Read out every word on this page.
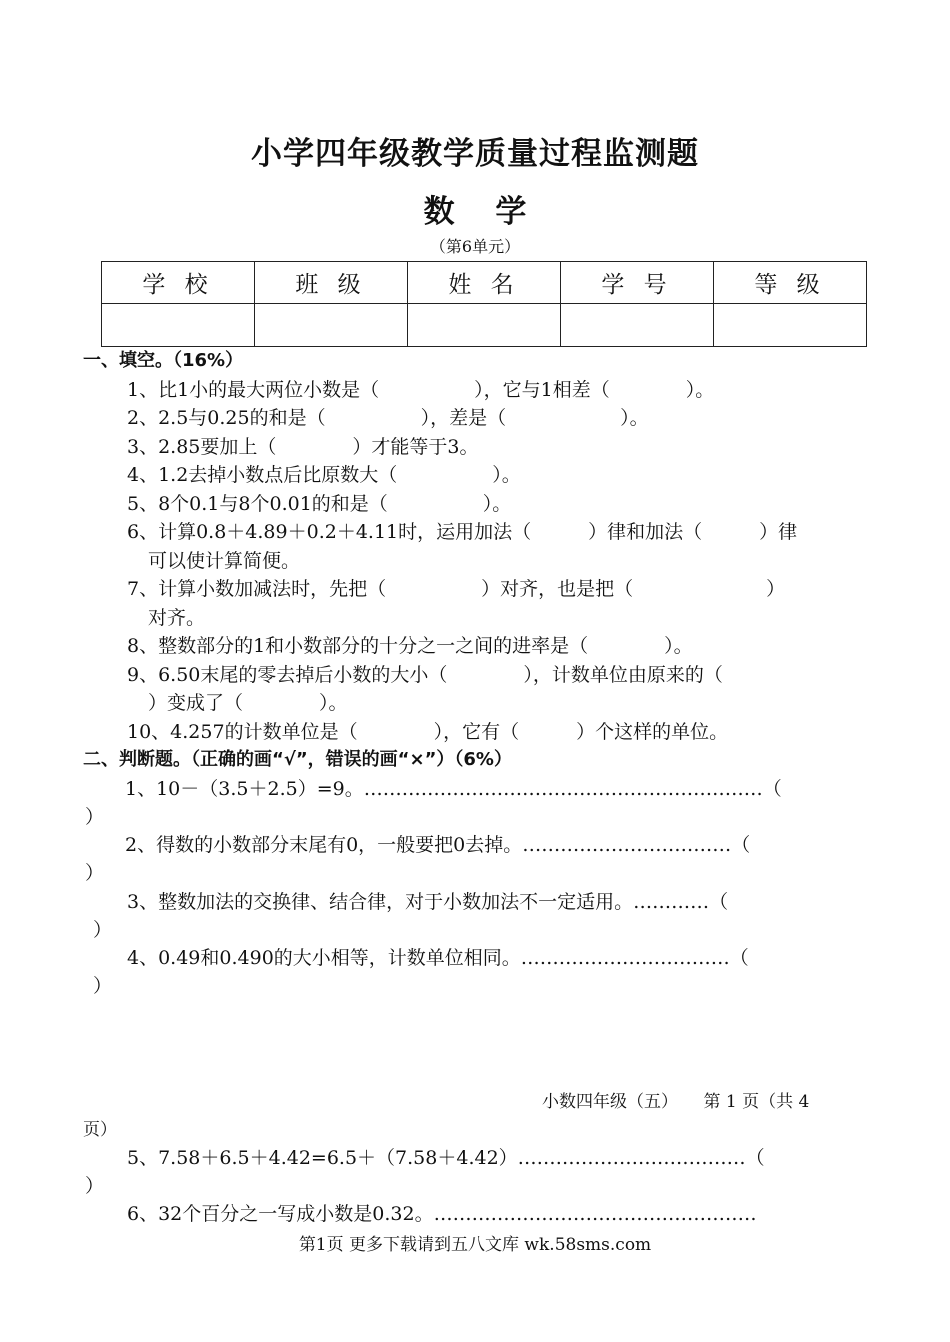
小学四年级教学质量过程监测题
数 学
（第6单元）
学 校	班 级	姓 名	学 号	等 级

一、填空。（16%）
1、比1小的最大两位小数是（　　　　　），它与1相差（　　　　）。
2、2.5与0.25的和是（　　　　　），差是（　　　　　　）。
3、2.85要加上（　　　　）才能等于3。
4、1.2去掉小数点后比原数大（　　　　　）。
5、8个0.1与8个0.01的和是（　　　　　）。
6、计算0.8＋4.89＋0.2＋4.11时，运用加法（　　　）律和加法（　　　）律
可以使计算简便。
7、计算小数加减法时，先把（　　　　　）对齐，也是把（　　　　　　　）
对齐。
8、整数部分的1和小数部分的十分之一之间的进率是（　　　　）。
9、6.50末尾的零去掉后小数的大小（　　　　），计数单位由原来的（
）变成了（　　　　）。
10、4.257的计数单位是（　　　　），它有（　　　）个这样的单位。
二、判断题。（正确的画“√”，错误的画“×”）（6%）
1、10－（3.5＋2.5）=9。………………………………………………………（
）
2、得数的小数部分末尾有0，一般要把0去掉。……………………………（
）
3、整数加法的交换律、结合律，对于小数加法不一定适用。…………（
）
4、0.49和0.490的大小相等，计数单位相同。……………………………（
）
小数四年级（五）　　第 1 页（共 4
页）
5、7.58＋6.5＋4.42=6.5＋（7.58＋4.42）………………………………（
）
6、32个百分之一写成小数是0.32。……………………………………………
第1页 更多下载请到五八文库 wk.58sms.com
